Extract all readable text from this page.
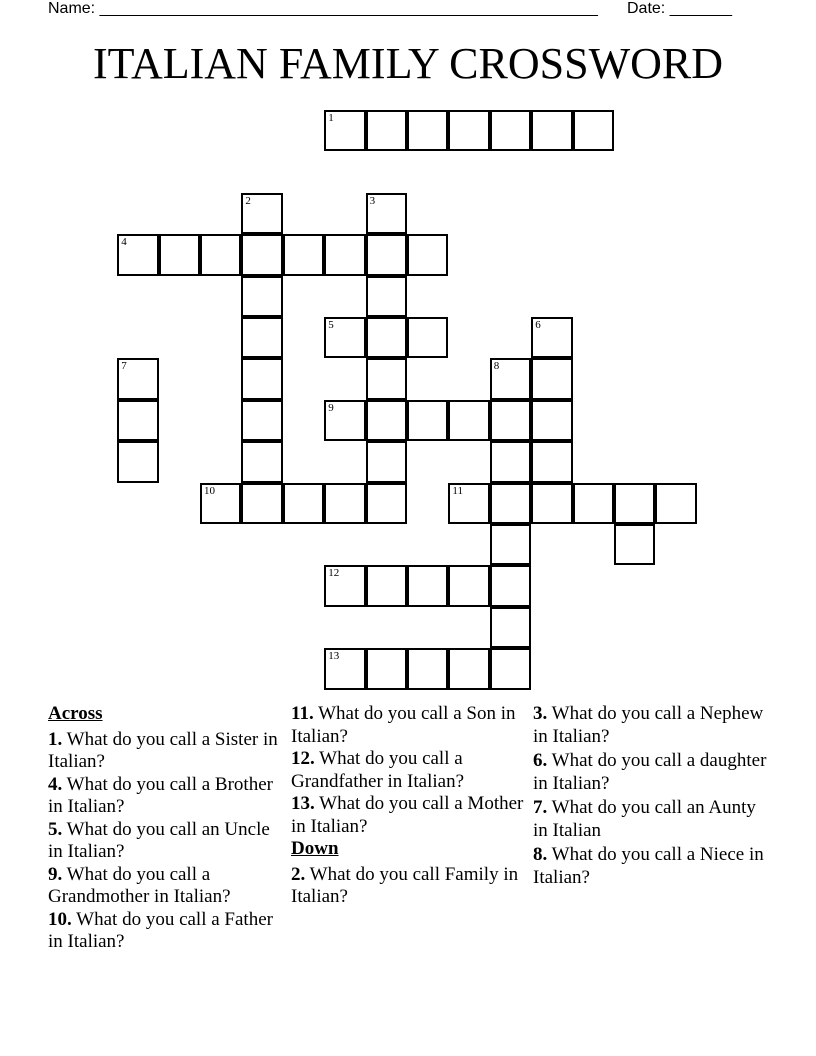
Name: ________________________________________________________ Date: _______
ITALIAN FAMILY CROSSWORD
1
2	3
4
5	6
7	8
9
10	11
12
13
Across
1. What do you call a Sister in Italian?
4. What do you call a Brother in Italian?
5. What do you call an Uncle in Italian?
9. What do you call a Grandmother in Italian?
10. What do you call a Father in Italian?
11. What do you call a Son in Italian?
12. What do you call a Grandfather in Italian?
13. What do you call a Mother in Italian?
Down
2. What do you call Family in Italian?
3. What do you call a Nephew in Italian?
6. What do you call a daughter in Italian?
7. What do you call an Aunty in Italian
8. What do you call a Niece in Italian?
